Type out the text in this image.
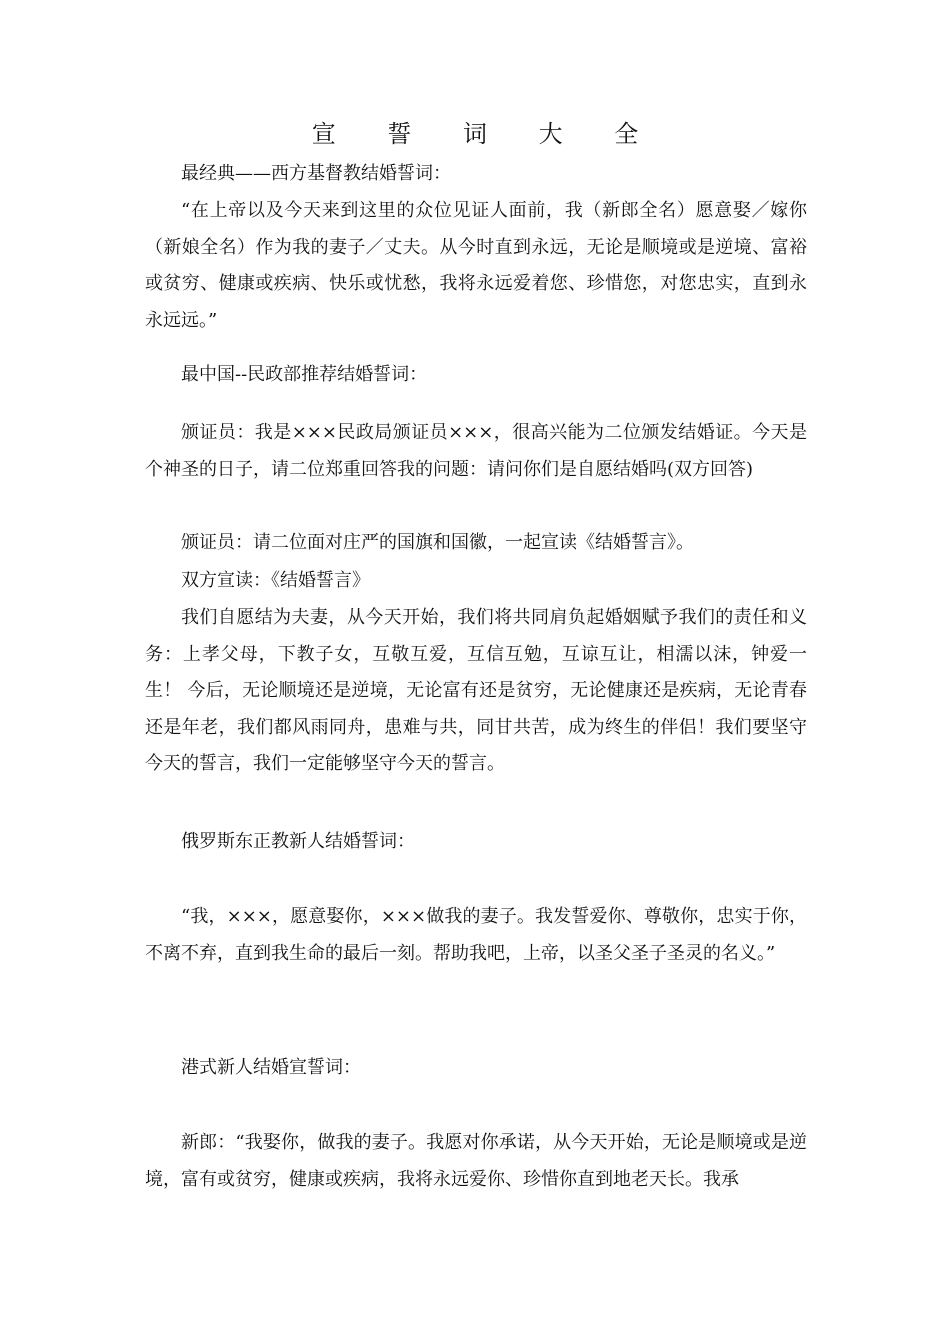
宣 誓 词 大 全

最经典——西方基督教结婚誓词：

“在上帝以及今天来到这里的众位见证人面前，我（新郎全名）愿意娶／嫁你（新娘全名）作为我的妻子／丈夫。从今时直到永远，无论是顺境或是逆境、富裕或贫穷、健康或疾病、快乐或忧愁，我将永远爱着您、珍惜您，对您忠实，直到永永远远。”

最中国--民政部推荐结婚誓词：

颁证员：我是×××民政局颁证员×××，很高兴能为二位颁发结婚证。今天是个神圣的日子，请二位郑重回答我的问题：请问你们是自愿结婚吗(双方回答)

颁证员：请二位面对庄严的国旗和国徽，一起宣读《结婚誓言》。

双方宣读：《结婚誓言》

我们自愿结为夫妻，从今天开始，我们将共同肩负起婚姻赋予我们的责任和义务：上孝父母，下教子女，互敬互爱，互信互勉，互谅互让，相濡以沫，钟爱一生！ 今后，无论顺境还是逆境，无论富有还是贫穷，无论健康还是疾病，无论青春还是年老，我们都风雨同舟，患难与共，同甘共苦，成为终生的伴侣！我们要坚守今天的誓言，我们一定能够坚守今天的誓言。

俄罗斯东正教新人结婚誓词：

“我，×××，愿意娶你，×××做我的妻子。我发誓爱你、尊敬你，忠实于你，不离不弃，直到我生命的最后一刻。帮助我吧，上帝，以圣父圣子圣灵的名义。”

港式新人结婚宣誓词：

新郎：“我娶你，做我的妻子。我愿对你承诺，从今天开始，无论是顺境或是逆境，富有或贫穷，健康或疾病，我将永远爱你、珍惜你直到地老天长。我承
